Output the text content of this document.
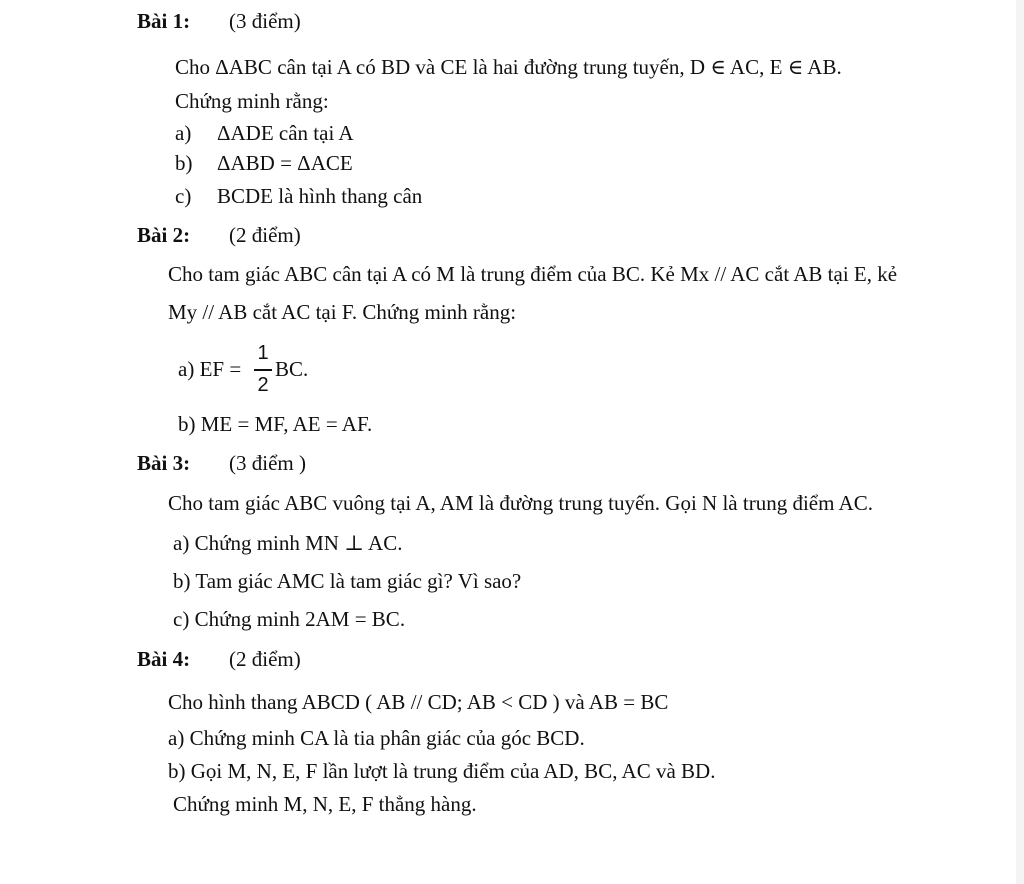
Bài 1: (3 điểm)
Cho ΔABC cân tại A có BD và CE là hai đường trung tuyến, D ∈ AC, E ∈ AB.
Chứng minh rằng:
a) ΔADE cân tại A
b) ΔABD = ΔACE
c) BCDE là hình thang cân
Bài 2: (2 điểm)
Cho tam giác ABC cân tại A có M là trung điểm của BC. Kẻ Mx // AC cắt AB tại E, kẻ
My // AB cắt AC tại F. Chứng minh rằng:
a) EF =
1
2
BC.
b) ME = MF, AE = AF.
Bài 3: (3 điểm )
Cho tam giác ABC vuông tại A, AM là đường trung tuyến. Gọi N là trung điểm AC.
a) Chứng minh MN ⊥ AC.
b) Tam giác AMC là tam giác gì? Vì sao?
c) Chứng minh 2AM = BC.
Bài 4: (2 điểm)
Cho hình thang ABCD ( AB // CD; AB < CD ) và AB = BC
a) Chứng minh CA là tia phân giác của góc BCD.
b) Gọi M, N, E, F lần lượt là trung điểm của AD, BC, AC và BD.
Chứng minh M, N, E, F thẳng hàng.
